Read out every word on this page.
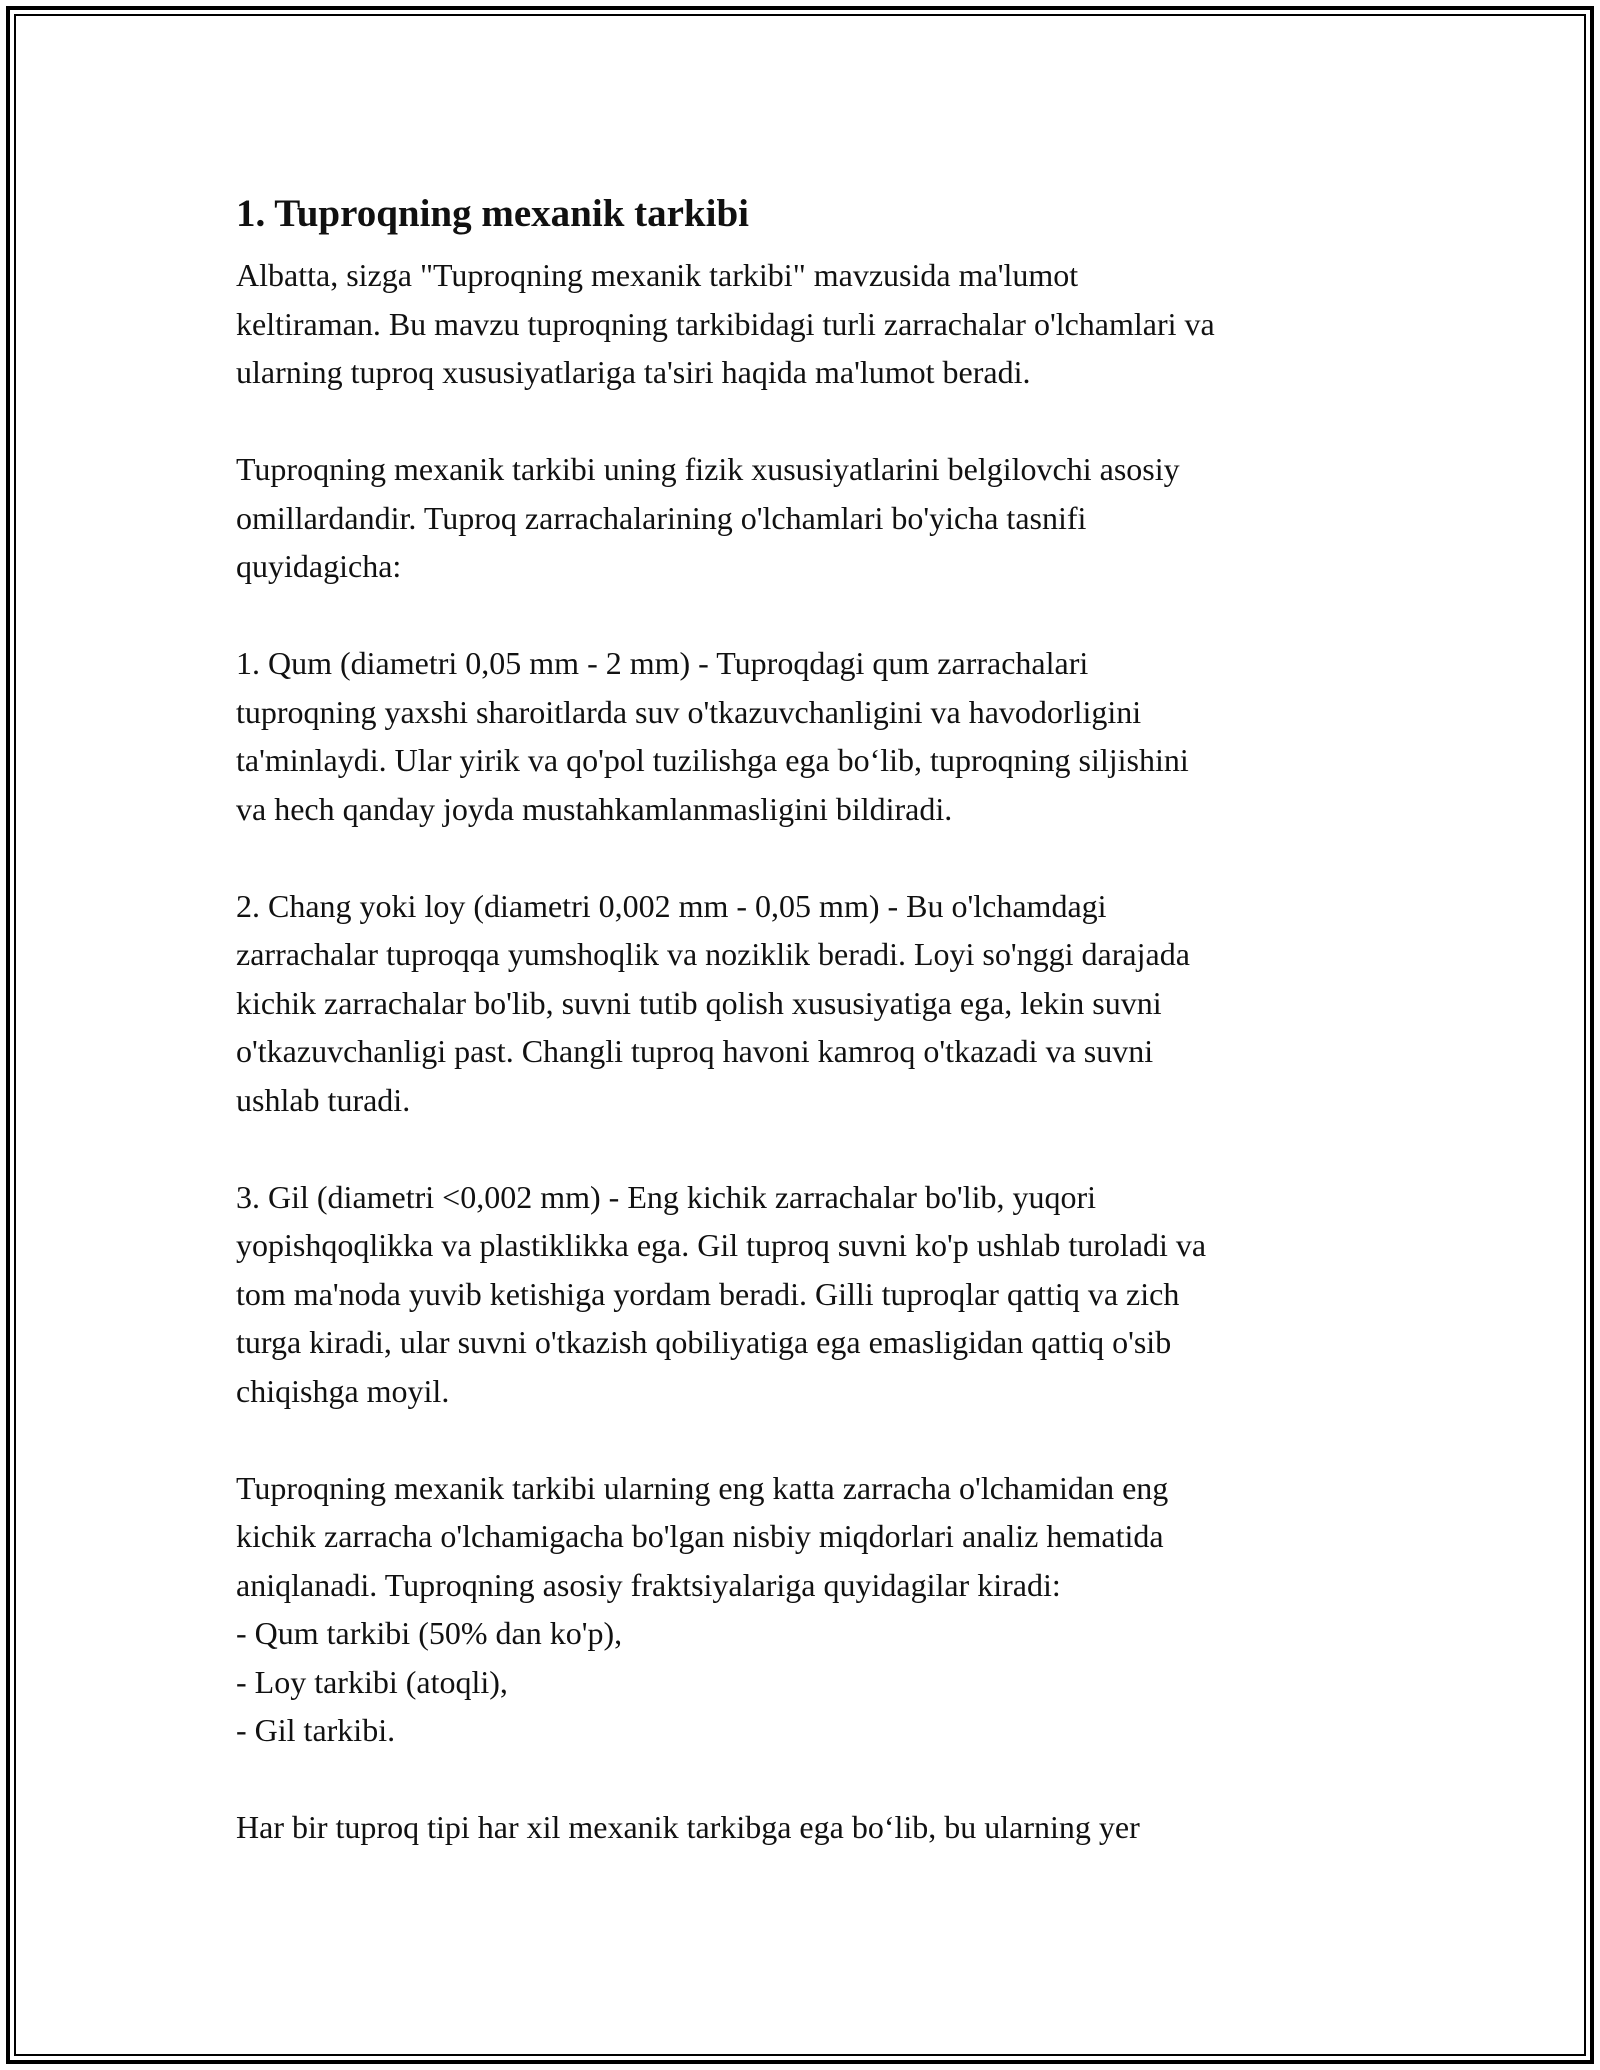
1. Tuproqning mexanik tarkibi

Albatta, sizga "Tuproqning mexanik tarkibi" mavzusida ma'lumot
keltiraman. Bu mavzu tuproqning tarkibidagi turli zarrachalar o'lchamlari va
ularning tuproq xususiyatlariga ta'siri haqida ma'lumot beradi.

Tuproqning mexanik tarkibi uning fizik xususiyatlarini belgilovchi asosiy
omillardandir. Tuproq zarrachalarining o'lchamlari bo'yicha tasnifi
quyidagicha:

1. Qum (diametri 0,05 mm - 2 mm) - Tuproqdagi qum zarrachalari
tuproqning yaxshi sharoitlarda suv o'tkazuvchanligini va havodorligini
ta'minlaydi. Ular yirik va qo'pol tuzilishga ega bo‘lib, tuproqning siljishini
va hech qanday joyda mustahkamlanmasligini bildiradi.

2. Chang yoki loy (diametri 0,002 mm - 0,05 mm) - Bu o'lchamdagi
zarrachalar tuproqqa yumshoqlik va noziklik beradi. Loyi so'nggi darajada
kichik zarrachalar bo'lib, suvni tutib qolish xususiyatiga ega, lekin suvni
o'tkazuvchanligi past. Changli tuproq havoni kamroq o'tkazadi va suvni
ushlab turadi.

3. Gil (diametri <0,002 mm) - Eng kichik zarrachalar bo'lib, yuqori
yopishqoqlikka va plastiklikka ega. Gil tuproq suvni ko'p ushlab turoladi va
tom ma'noda yuvib ketishiga yordam beradi. Gilli tuproqlar qattiq va zich
turga kiradi, ular suvni o'tkazish qobiliyatiga ega emasligidan qattiq o'sib
chiqishga moyil.

Tuproqning mexanik tarkibi ularning eng katta zarracha o'lchamidan eng
kichik zarracha o'lchamigacha bo'lgan nisbiy miqdorlari analiz hematida
aniqlanadi. Tuproqning asosiy fraktsiyalariga quyidagilar kiradi:
- Qum tarkibi (50% dan ko'p),
- Loy tarkibi (atoqli),
- Gil tarkibi.

Har bir tuproq tipi har xil mexanik tarkibga ega bo‘lib, bu ularning yer
